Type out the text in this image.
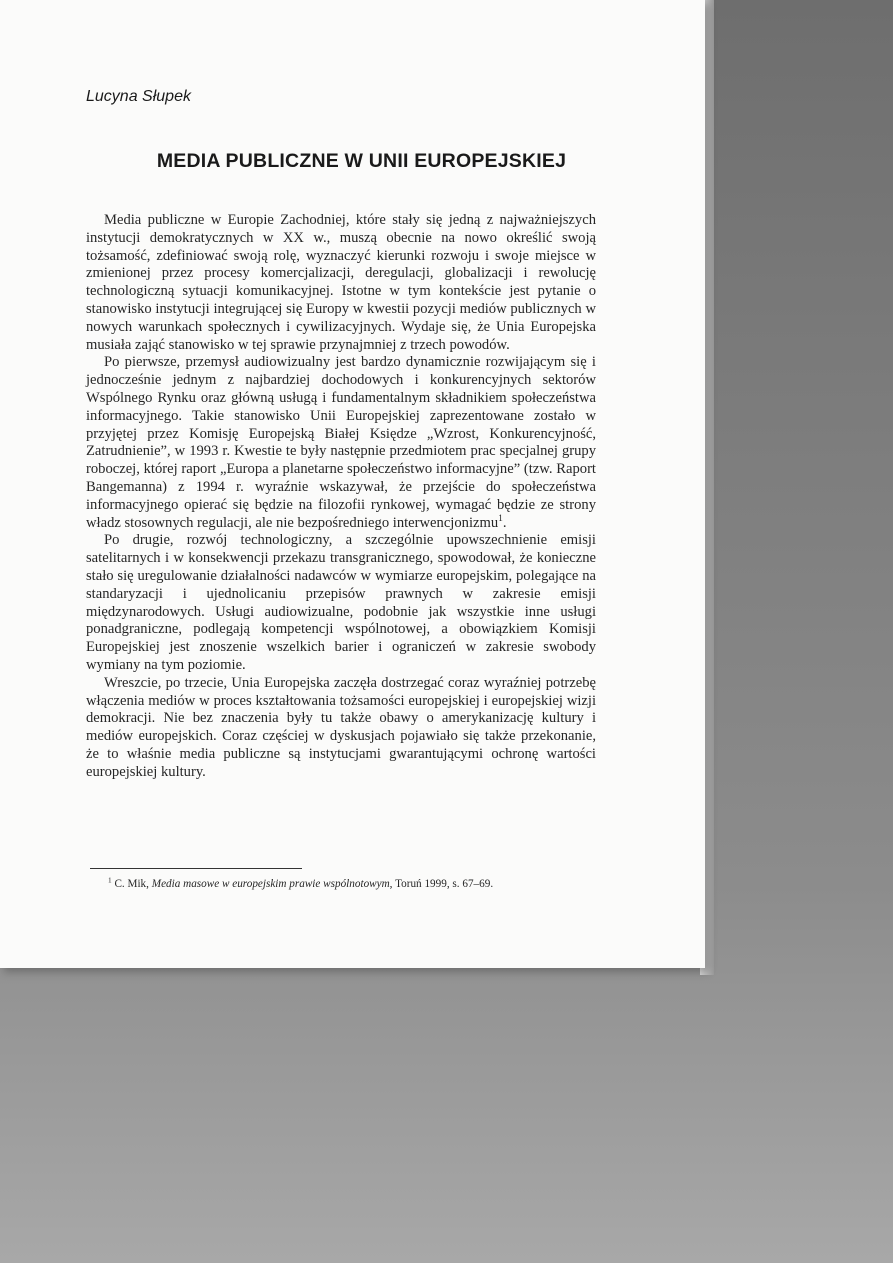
Lucyna Słupek

MEDIA PUBLICZNE W UNII EUROPEJSKIEJ

Media publiczne w Europie Zachodniej, które stały się jedną z najważniejszych instytucji demokratycznych w XX w., muszą obecnie na nowo określić swoją tożsamość, zdefiniować swoją rolę, wyznaczyć kierunki rozwoju i swoje miejsce w zmienionej przez procesy komercjalizacji, deregulacji, globalizacji i rewolucję technologiczną sytuacji komunikacyjnej. Istotne w tym kontekście jest pytanie o stanowisko instytucji integrującej się Europy w kwestii pozycji mediów publicznych w nowych warunkach społecznych i cywilizacyjnych. Wydaje się, że Unia Europejska musiała zająć stanowisko w tej sprawie przynajmniej z trzech powodów.

Po pierwsze, przemysł audiowizualny jest bardzo dynamicznie rozwijającym się i jednocześnie jednym z najbardziej dochodowych i konkurencyjnych sektorów Wspólnego Rynku oraz główną usługą i fundamentalnym składnikiem społeczeństwa informacyjnego. Takie stanowisko Unii Europejskiej zaprezentowane zostało w przyjętej przez Komisję Europejską Białej Księdze „Wzrost, Konkurencyjność, Zatrudnienie”, w 1993 r. Kwestie te były następnie przedmiotem prac specjalnej grupy roboczej, której raport „Europa a planetarne społeczeństwo informacyjne” (tzw. Raport Bangemanna) z 1994 r. wyraźnie wskazywał, że przejście do społeczeństwa informacyjnego opierać się będzie na filozofii rynkowej, wymagać będzie ze strony władz stosownych regulacji, ale nie bezpośredniego interwencjonizmu$^1$.

Po drugie, rozwój technologiczny, a szczególnie upowszechnienie emisji satelitarnych i w konsekwencji przekazu transgranicznego, spowodował, że konieczne stało się uregulowanie działalności nadawców w wymiarze europejskim, polegające na standaryzacji i ujednolicaniu przepisów prawnych w zakresie emisji międzynarodowych. Usługi audiowizualne, podobnie jak wszystkie inne usługi ponadgraniczne, podlegają kompetencji wspólnotowej, a obowiązkiem Komisji Europejskiej jest znoszenie wszelkich barier i ograniczeń w zakresie swobody wymiany na tym poziomie.

Wreszcie, po trzecie, Unia Europejska zaczęła dostrzegać coraz wyraźniej potrzebę włączenia mediów w proces kształtowania tożsamości europejskiej i europejskiej wizji demokracji. Nie bez znaczenia były tu także obawy o amerykanizację kultury i mediów europejskich. Coraz częściej w dyskusjach pojawiało się także przekonanie, że to właśnie media publiczne są instytucjami gwarantującymi ochronę wartości europejskiej kultury.

$^1$ C. Mik, Media masowe w europejskim prawie wspólnotowym, Toruń 1999, s. 67–69.
